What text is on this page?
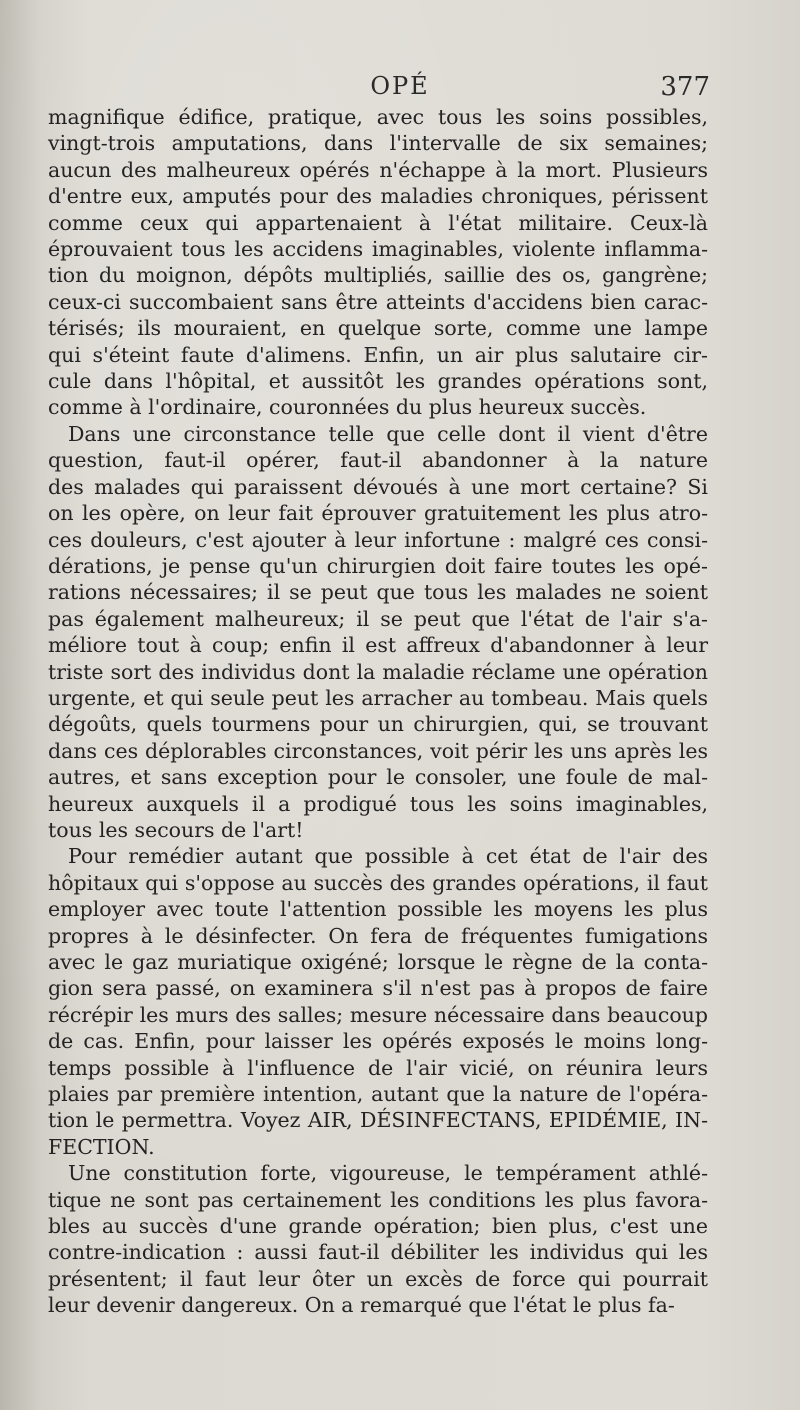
OPÉ	377
magnifique édifice, pratique, avec tous les soins possibles,
vingt-trois amputations, dans l'intervalle de six semaines;
aucun des malheureux opérés n'échappe à la mort. Plusieurs
d'entre eux, amputés pour des maladies chroniques, périssent
comme ceux qui appartenaient à l'état militaire. Ceux-là
éprouvaient tous les accidens imaginables, violente inflamma-
tion du moignon, dépôts multipliés, saillie des os, gangrène;
ceux-ci succombaient sans être atteints d'accidens bien carac-
térisés; ils mouraient, en quelque sorte, comme une lampe
qui s'éteint faute d'alimens. Enfin, un air plus salutaire cir-
cule dans l'hôpital, et aussitôt les grandes opérations sont,
comme à l'ordinaire, couronnées du plus heureux succès.
Dans une circonstance telle que celle dont il vient d'être
question, faut-il opérer, faut-il abandonner à la nature
des malades qui paraissent dévoués à une mort certaine? Si
on les opère, on leur fait éprouver gratuitement les plus atro-
ces douleurs, c'est ajouter à leur infortune : malgré ces consi-
dérations, je pense qu'un chirurgien doit faire toutes les opé-
rations nécessaires; il se peut que tous les malades ne soient
pas également malheureux; il se peut que l'état de l'air s'a-
méliore tout à coup; enfin il est affreux d'abandonner à leur
triste sort des individus dont la maladie réclame une opération
urgente, et qui seule peut les arracher au tombeau. Mais quels
dégoûts, quels tourmens pour un chirurgien, qui, se trouvant
dans ces déplorables circonstances, voit périr les uns après les
autres, et sans exception pour le consoler, une foule de mal-
heureux auxquels il a prodigué tous les soins imaginables,
tous les secours de l'art!
Pour remédier autant que possible à cet état de l'air des
hôpitaux qui s'oppose au succès des grandes opérations, il faut
employer avec toute l'attention possible les moyens les plus
propres à le désinfecter. On fera de fréquentes fumigations
avec le gaz muriatique oxigéné; lorsque le règne de la conta-
gion sera passé, on examinera s'il n'est pas à propos de faire
récrépir les murs des salles; mesure nécessaire dans beaucoup
de cas. Enfin, pour laisser les opérés exposés le moins long-
temps possible à l'influence de l'air vicié, on réunira leurs
plaies par première intention, autant que la nature de l'opéra-
tion le permettra. Voyez AIR, DÉSINFECTANS, EPIDÉMIE, IN-
FECTION.
Une constitution forte, vigoureuse, le tempérament athlé-
tique ne sont pas certainement les conditions les plus favora-
bles au succès d'une grande opération; bien plus, c'est une
contre-indication : aussi faut-il débiliter les individus qui les
présentent; il faut leur ôter un excès de force qui pourrait
leur devenir dangereux. On a remarqué que l'état le plus fa-
